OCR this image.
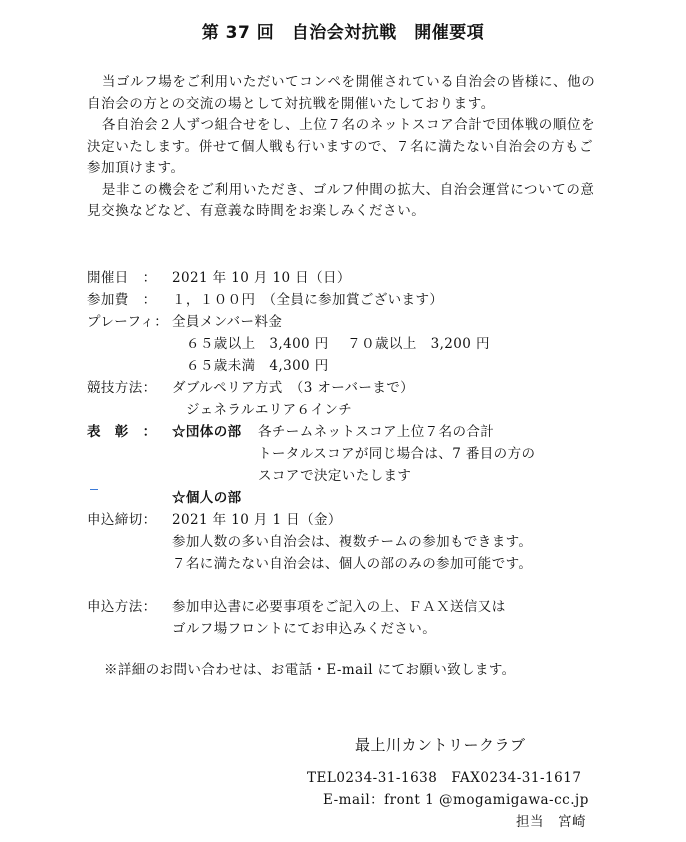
第 37 回　自治会対抗戦　開催要項

当ゴルフ場をご利用いただいてコンペを開催されている自治会の皆様に、他の自治会の方との交流の場として対抗戦を開催いたしております。

各自治会２人ずつ組合せをし、上位７名のネットスコア合計で団体戦の順位を決定いたします。併せて個人戦も行いますので、７名に満たない自治会の方もご参加頂けます。

是非この機会をご利用いただき、ゴルフ仲間の拡大、自治会運営についての意見交換などなど、有意義な時間をお楽しみください。

開催日　： 2021 年 10 月 10 日（日）
参加費　： １，１００円　（全員に参加賞ございます）
プレーフィ： 全員メンバー料金
６５歳以上　3,400 円　 ７０歳以上　3,200 円
６５歳未満　4,300 円
競技方法： ダブルペリア方式　（3 オーバーまで）
ジェネラルエリア６インチ
表　彰　： ☆団体の部 各チームネットスコア上位７名の合計
トータルスコアが同じ場合は、7 番目の方の
スコアで決定いたします
☆個人の部
申込締切： 2021 年 10 月 1 日（金）
参加人数の多い自治会は、複数チームの参加もできます。
７名に満たない自治会は、個人の部のみの参加可能です。
申込方法： 参加申込書に必要事項をご記入の上、ＦＡＸ送信又は
ゴルフ場フロントにてお申込みください。
※詳細のお問い合わせは、お電話・E-mail にてお願い致します。
最上川カントリークラブ
TEL0234-31-1638　FAX0234-31-1617
E-mail：front 1 @mogamigawa-cc.jp
担当　宮崎
